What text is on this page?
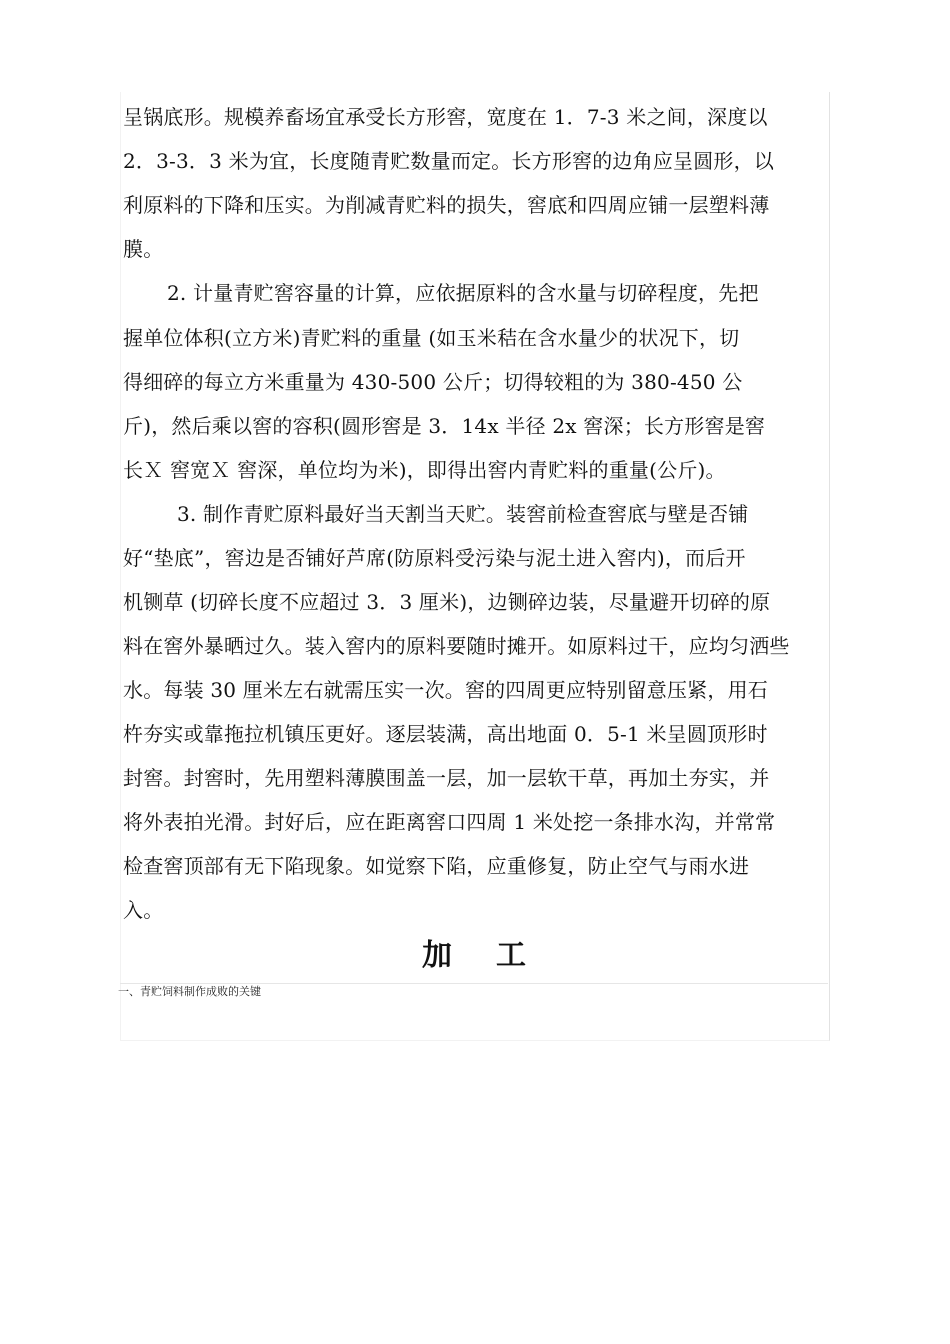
呈锅底形。规模养畜场宜承受长方形窖，宽度在 1．7-3 米之间，深度以
2．3-3．3 米为宜，长度随青贮数量而定。长方形窖的边角应呈圆形，以
利原料的下降和压实。为削减青贮料的损失，窖底和四周应铺一层塑料薄
膜。
2. 计量青贮窖容量的计算，应依据原料的含水量与切碎程度，先把
握单位体积(立方米)青贮料的重量 (如玉米秸在含水量少的状况下，切
得细碎的每立方米重量为 430-500 公斤；切得较粗的为 380-450 公
斤)，然后乘以窖的容积(圆形窖是 3．14x 半径 2x 窖深；长方形窖是窖
长Ｘ 窖宽Ｘ 窖深，单位均为米)，即得出窖内青贮料的重量(公斤)。
3. 制作青贮原料最好当天割当天贮。装窖前检查窖底与壁是否铺
好“垫底”，窖边是否铺好芦席(防原料受污染与泥土进入窖内)，而后开
机铡草 (切碎长度不应超过 3．3 厘米)，边铡碎边装，尽量避开切碎的原
料在窖外暴晒过久。装入窖内的原料要随时摊开。如原料过干，应均匀洒些
水。每装 30 厘米左右就需压实一次。窖的四周更应特别留意压紧，用石
杵夯实或靠拖拉机镇压更好。逐层装满，高出地面 0．5-1 米呈圆顶形时
封窖。封窖时，先用塑料薄膜围盖一层，加一层软干草，再加土夯实，并
将外表拍光滑。封好后，应在距离窖口四周 1 米处挖一条排水沟，并常常
检查窖顶部有无下陷现象。如觉察下陷，应重修复，防止空气与雨水进
入。
加 工
一、青贮饲料制作成败的关键
